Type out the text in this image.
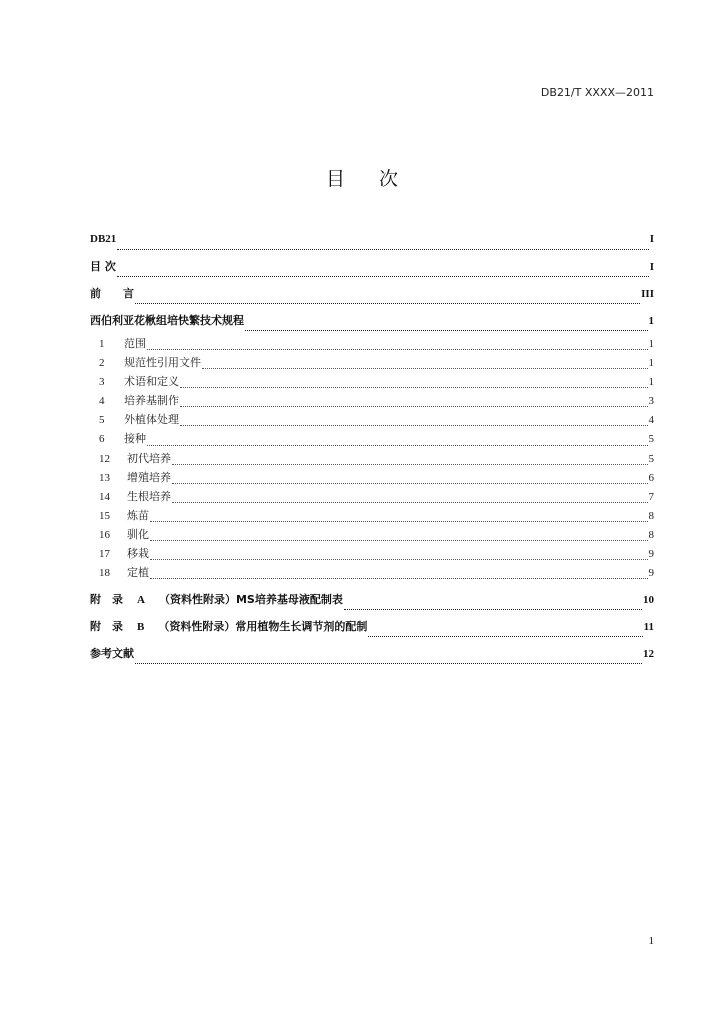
DB21/T XXXX—2011
目 次
DB21	I
目 次	I
前　　言	III
西伯利亚花楸组培快繁技术规程	1
1	范围	1
2	规范性引用文件	1
3	术语和定义	1
4	培养基制作	3
5	外植体处理	4
6	接种	5
12	初代培养	5
13	增殖培养	6
14	生根培养	7
15	炼苗	8
16	驯化	8
17	移栽	9
18	定植	9
附　录 A （资料性附录）MS培养基母液配制表	10
附　录 B （资料性附录）常用植物生长调节剂的配制	11
参考文献	12
1
